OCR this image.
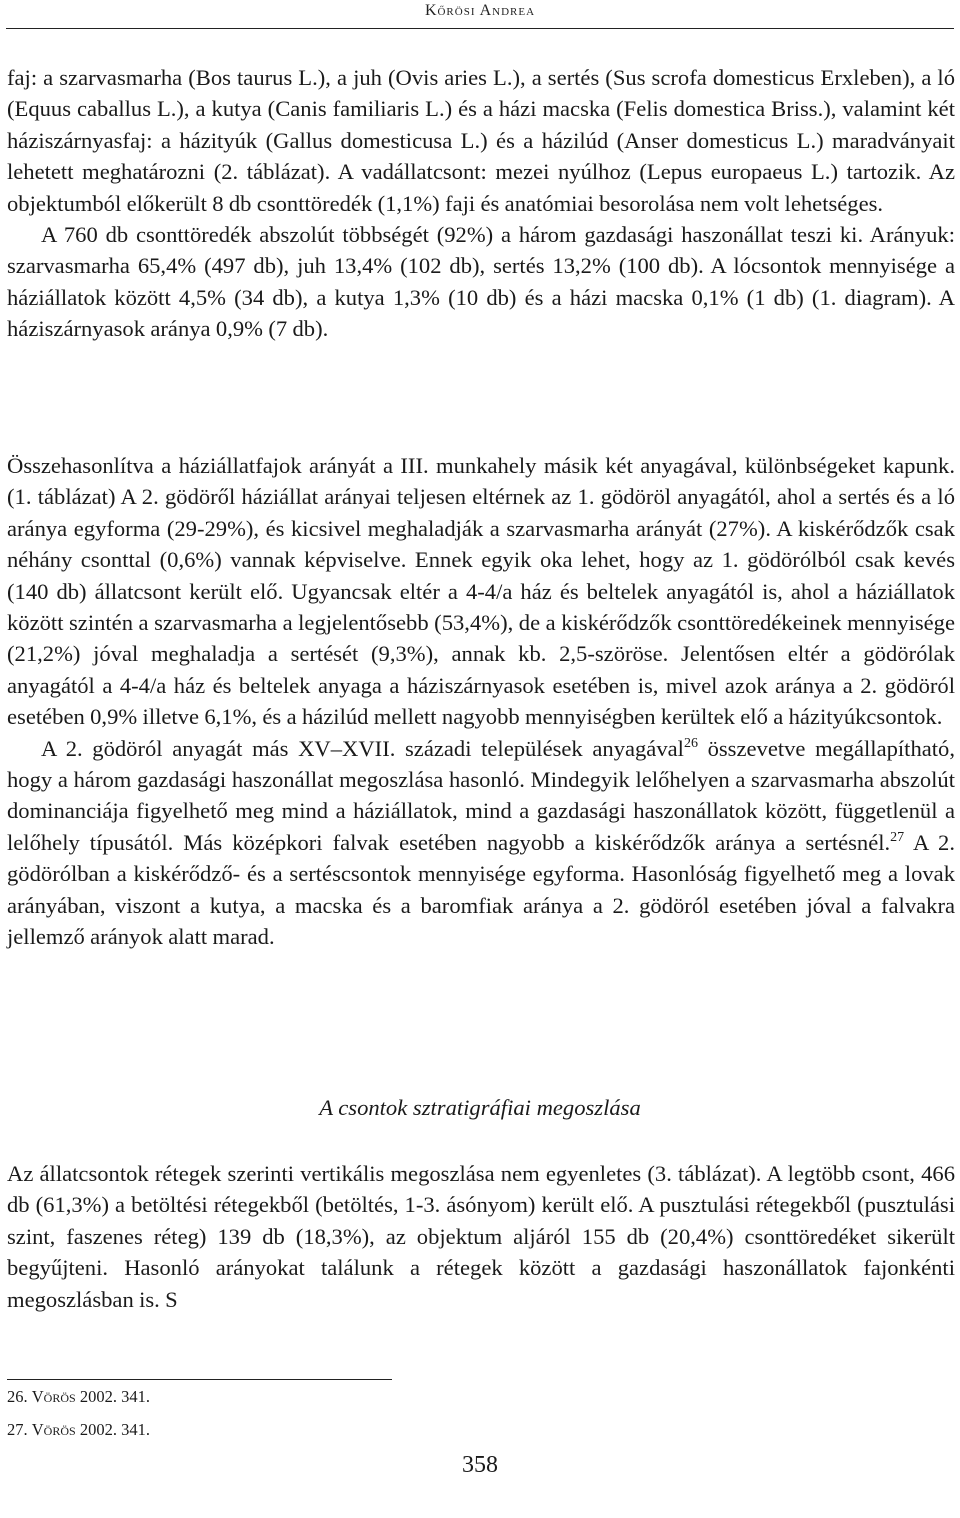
Kőrösi Andrea

faj: a szarvasmarha (Bos taurus L.), a juh (Ovis aries L.), a sertés (Sus scrofa domesticus Erxleben), a ló (Equus caballus L.), a kutya (Canis familiaris L.) és a házi macska (Felis domestica Briss.), valamint két háziszárnyasfaj: a házityúk (Gallus domesticusa L.) és a házilúd (Anser domesticus L.) maradványait lehetett meghatározni (2. táblázat). A vadállatcsont: mezei nyúlhoz (Lepus europaeus L.) tartozik. Az objektumból előkerült 8 db csonttöredék (1,1%) faji és anatómiai besorolása nem volt lehetséges.

A 760 db csonttöredék abszolút többségét (92%) a három gazdasági haszonállat teszi ki. Arányuk: szarvasmarha 65,4% (497 db), juh 13,4% (102 db), sertés 13,2% (100 db). A lócsontok mennyisége a háziállatok között 4,5% (34 db), a kutya 1,3% (10 db) és a házi macska 0,1% (1 db) (1. diagram). A háziszárnyasok aránya 0,9% (7 db).

Összehasonlítva a háziállatfajok arányát a III. munkahely másik két anyagával, különbségeket kapunk. (1. táblázat) A 2. gödöről háziállat arányai teljesen eltérnek az 1. gödöröl anyagától, ahol a sertés és a ló aránya egyforma (29-29%), és kicsivel meghaladják a szarvasmarha arányát (27%). A kiskérődzők csak néhány csonttal (0,6%) vannak képviselve. Ennek egyik oka lehet, hogy az 1. gödörólból csak kevés (140 db) állatcsont került elő. Ugyancsak eltér a 4-4/a ház és beltelek anyagától is, ahol a háziállatok között szintén a szarvasmarha a legjelentősebb (53,4%), de a kiskérődzők csonttöredékeinek mennyisége (21,2%) jóval meghaladja a sertését (9,3%), annak kb. 2,5-szöröse. Jelentősen eltér a gödörólak anyagától a 4-4/a ház és beltelek anyaga a háziszárnyasok esetében is, mivel azok aránya a 2. gödöról esetében 0,9% illetve 6,1%, és a házilúd mellett nagyobb mennyiségben kerültek elő a házityúkcsontok.

A 2. gödöról anyagát más XV–XVII. századi települések anyagával$^{26}$ összevetve megállapítható, hogy a három gazdasági haszonállat megoszlása hasonló. Mindegyik lelőhelyen a szarvasmarha abszolút dominanciája figyelhető meg mind a háziállatok, mind a gazdasági haszonállatok között, függetlenül a lelőhely típusától. Más középkori falvak esetében nagyobb a kiskérődzők aránya a sertésnél.$^{27}$ A 2. gödörólban a kiskérődző- és a sertéscsontok mennyisége egyforma. Hasonlóság figyelhető meg a lovak arányában, viszont a kutya, a macska és a baromfiak aránya a 2. gödöról esetében jóval a falvakra jellemző arányok alatt marad.

A csontok sztratigráfiai megoszlása

Az állatcsontok rétegek szerinti vertikális megoszlása nem egyenletes (3. táblázat). A legtöbb csont, 466 db (61,3%) a betöltési rétegekből (betöltés, 1-3. ásónyom) került elő. A pusztulási rétegekből (pusztulási szint, faszenes réteg) 139 db (18,3%), az objektum aljáról 155 db (20,4%) csonttöredéket sikerült begyűjteni. Hasonló arányokat találunk a rétegek között a gazdasági haszonállatok fajonkénti megoszlásban is. S

26. Vörös 2002. 341.
27. Vörös 2002. 341.
358
